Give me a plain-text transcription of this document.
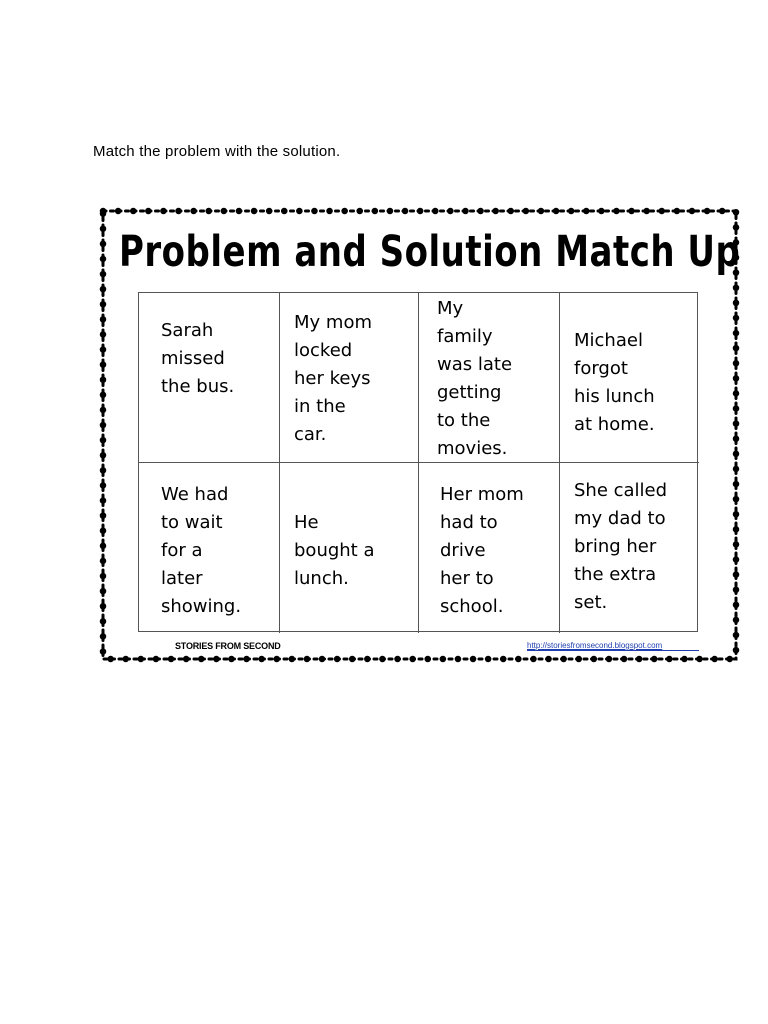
Match the problem with the solution.
Problem and Solution Match Up
Sarah
missed
the bus.
My mom
locked
her keys
in the
car.
My
family
was late
getting
to the
movies.
Michael
forgot
his lunch
at home.
We had
to wait
for a
later
showing.
He
bought a
lunch.
Her mom
had to
drive
her to
school.
She called
my dad to
bring her
the extra
set.
STORIES FROM SECOND	http://storiesfromsecond.blogspot.com
